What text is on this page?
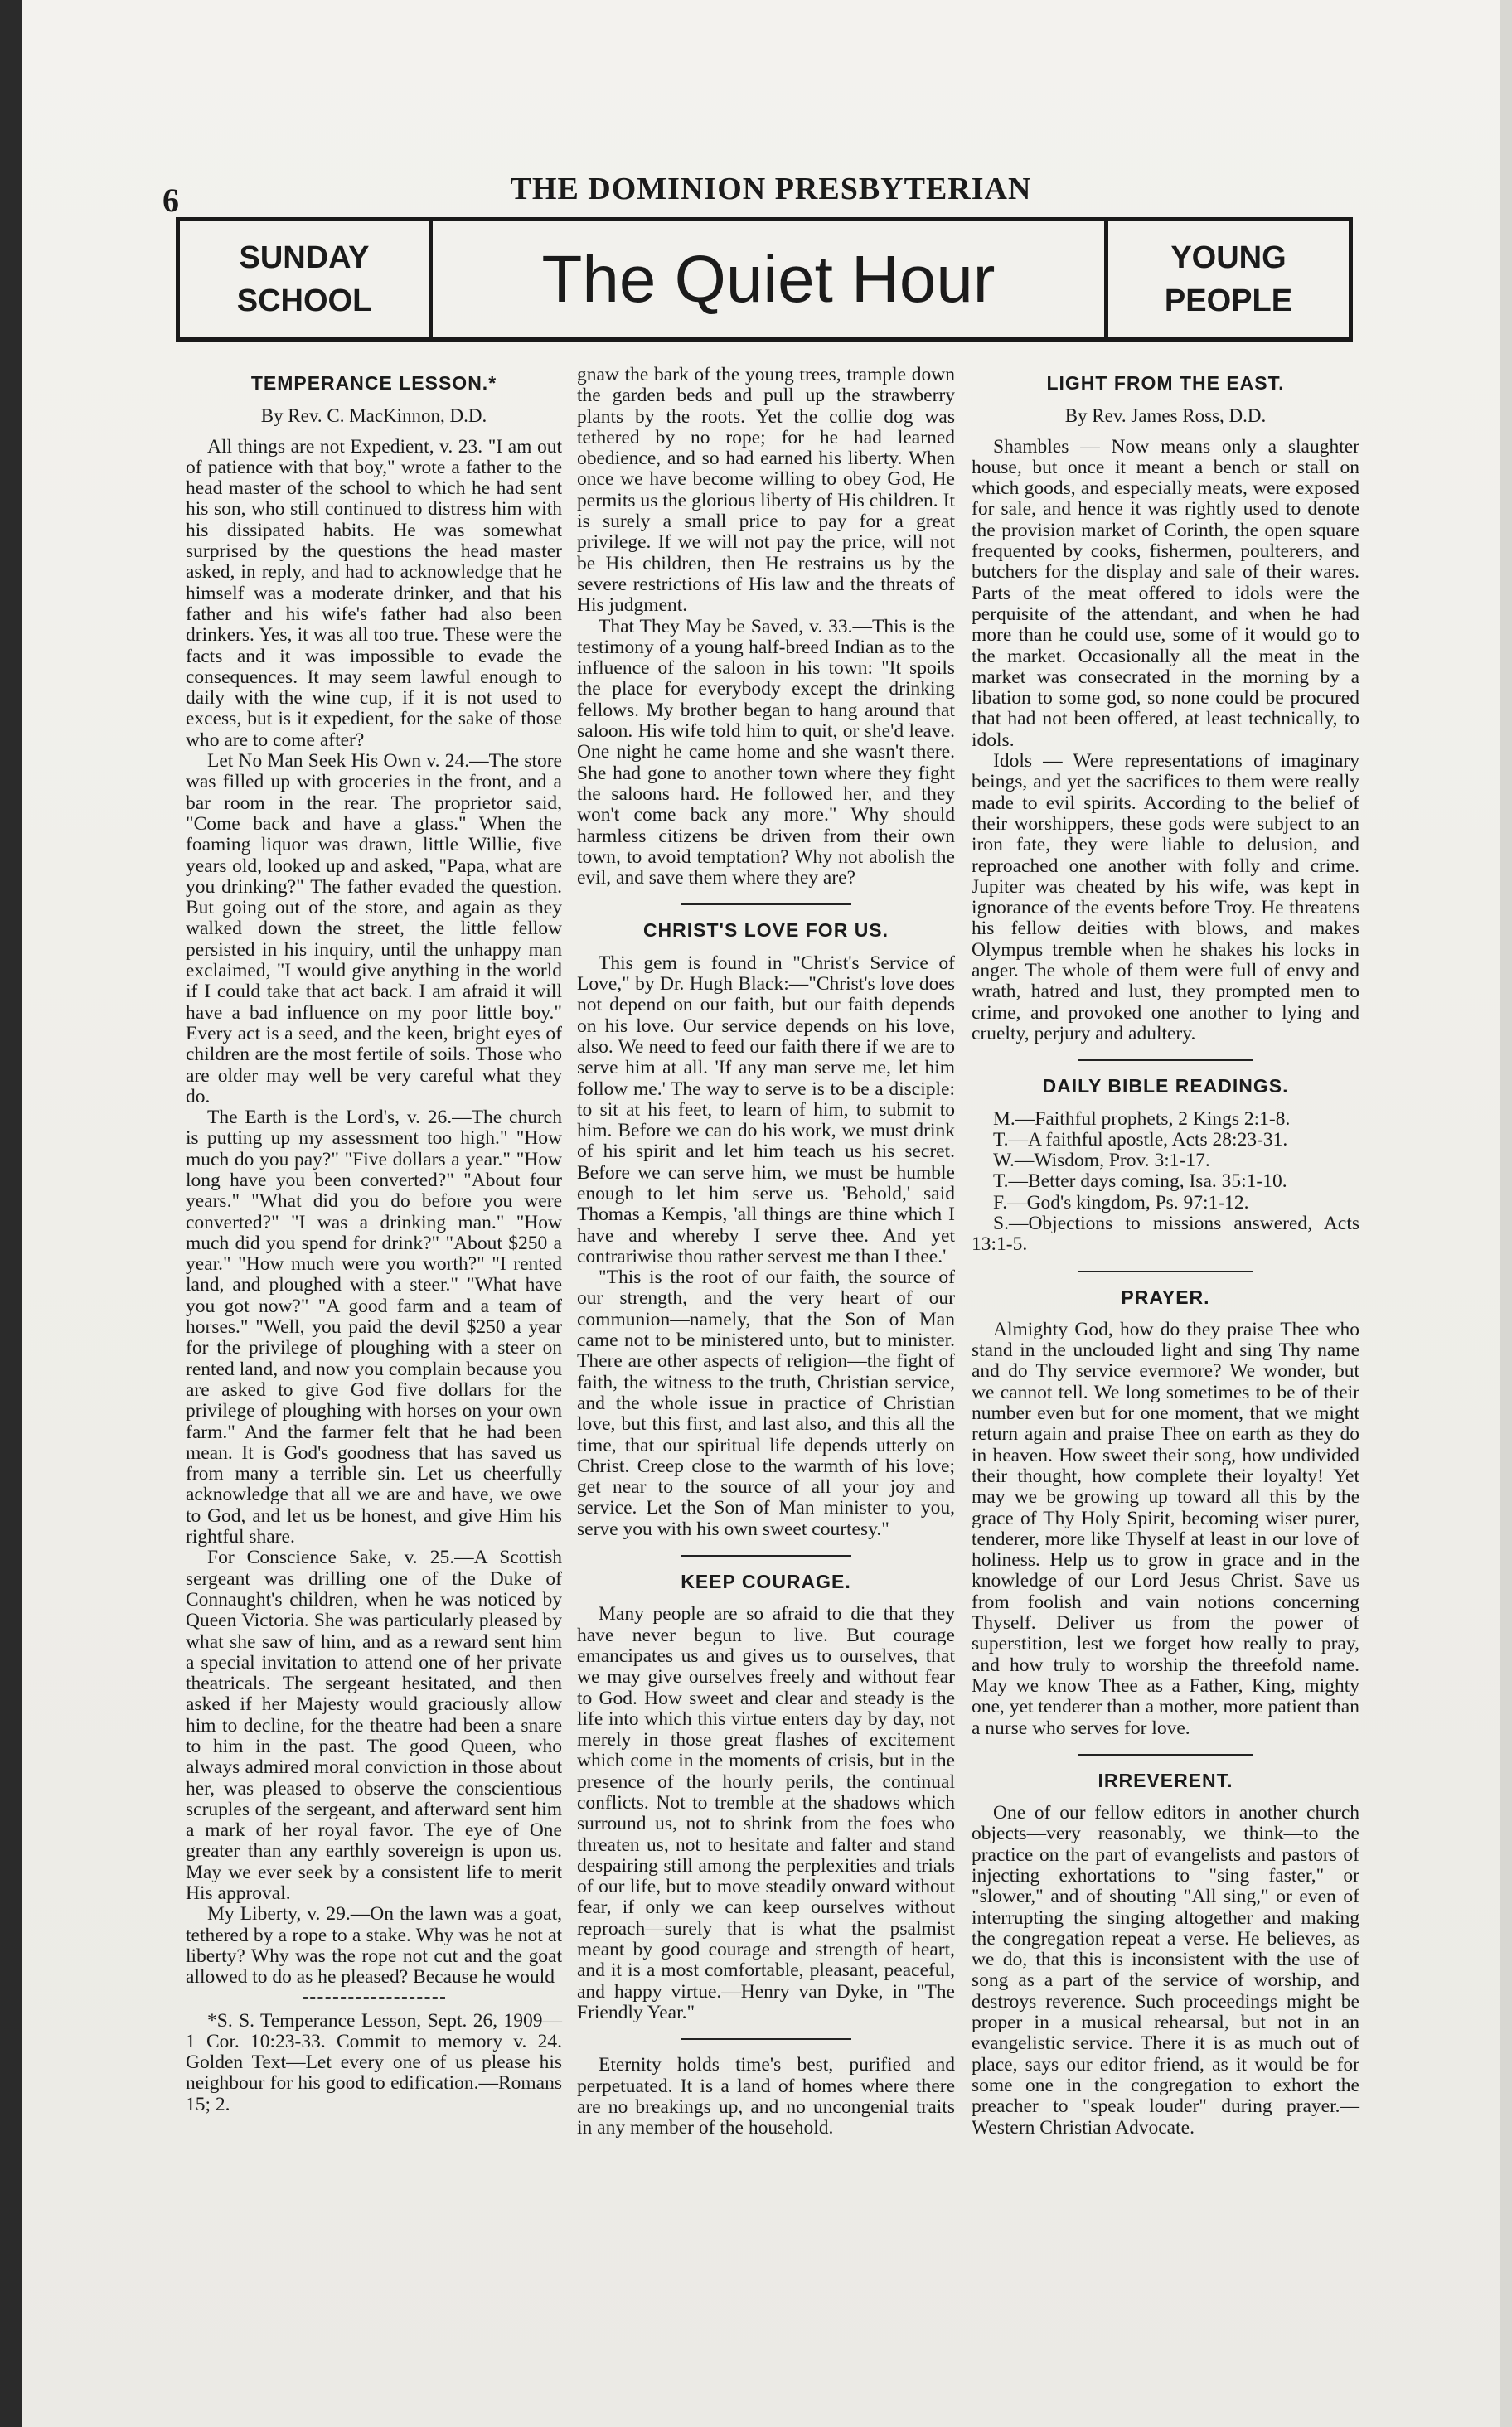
6	THE DOMINION PRESBYTERIAN
SUNDAY
SCHOOL	The Quiet Hour	YOUNG
PEOPLE
TEMPERANCE LESSON.*
By Rev. C. MacKinnon, D.D.

All things are not Expedient, v. 23. "I am out of patience with that boy," wrote a father to the head master of the school to which he had sent his son, who still continued to distress him with his dissipated habits. He was somewhat surprised by the questions the head master asked, in reply, and had to acknowledge that he himself was a moderate drinker, and that his father and his wife's father had also been drinkers. Yes, it was all too true. These were the facts and it was impossible to evade the consequences. It may seem lawful enough to daily with the wine cup, if it is not used to excess, but is it expedient, for the sake of those who are to come after?

Let No Man Seek His Own v. 24.—The store was filled up with groceries in the front, and a bar room in the rear. The proprietor said, "Come back and have a glass." When the foaming liquor was drawn, little Willie, five years old, looked up and asked, "Papa, what are you drinking?" The father evaded the question. But going out of the store, and again as they walked down the street, the little fellow persisted in his inquiry, until the unhappy man exclaimed, "I would give anything in the world if I could take that act back. I am afraid it will have a bad influence on my poor little boy." Every act is a seed, and the keen, bright eyes of children are the most fertile of soils. Those who are older may well be very careful what they do.

The Earth is the Lord's, v. 26.—The church is putting up my assessment too high." "How much do you pay?" "Five dollars a year." "How long have you been converted?" "About four years." "What did you do before you were converted?" "I was a drinking man." "How much did you spend for drink?" "About $250 a year." "How much were you worth?" "I rented land, and ploughed with a steer." "What have you got now?" "A good farm and a team of horses." "Well, you paid the devil $250 a year for the privilege of ploughing with a steer on rented land, and now you complain because you are asked to give God five dollars for the privilege of ploughing with horses on your own farm." And the farmer felt that he had been mean. It is God's goodness that has saved us from many a terrible sin. Let us cheerfully acknowledge that all we are and have, we owe to God, and let us be honest, and give Him his rightful share.

For Conscience Sake, v. 25.—A Scottish sergeant was drilling one of the Duke of Connaught's children, when he was noticed by Queen Victoria. She was particularly pleased by what she saw of him, and as a reward sent him a special invitation to attend one of her private theatricals. The sergeant hesitated, and then asked if her Majesty would graciously allow him to decline, for the theatre had been a snare to him in the past. The good Queen, who always admired moral conviction in those about her, was pleased to observe the conscientious scruples of the sergeant, and afterward sent him a mark of her royal favor. The eye of One greater than any earthly sovereign is upon us. May we ever seek by a consistent life to merit His approval.

My Liberty, v. 29.—On the lawn was a goat, tethered by a rope to a stake. Why was he not at liberty? Why was the rope not cut and the goat allowed to do as he pleased? Because he would

*S. S. Temperance Lesson, Sept. 26, 1909—1 Cor. 10:23-33. Commit to memory v. 24. Golden Text—Let every one of us please his neighbour for his good to edification.—Romans 15; 2.

gnaw the bark of the young trees, trample down the garden beds and pull up the strawberry plants by the roots. Yet the collie dog was tethered by no rope; for he had learned obedience, and so had earned his liberty. When once we have become willing to obey God, He permits us the glorious liberty of His children. It is surely a small price to pay for a great privilege. If we will not pay the price, will not be His children, then He restrains us by the severe restrictions of His law and the threats of His judgment.

That They May be Saved, v. 33.—This is the testimony of a young half-breed Indian as to the influence of the saloon in his town: "It spoils the place for everybody except the drinking fellows. My brother began to hang around that saloon. His wife told him to quit, or she'd leave. One night he came home and she wasn't there. She had gone to another town where they fight the saloons hard. He followed her, and they won't come back any more." Why should harmless citizens be driven from their own town, to avoid temptation? Why not abolish the evil, and save them where they are?

CHRIST'S LOVE FOR US.

This gem is found in "Christ's Service of Love," by Dr. Hugh Black:—"Christ's love does not depend on our faith, but our faith depends on his love. Our service depends on his love, also. We need to feed our faith there if we are to serve him at all. 'If any man serve me, let him follow me.' The way to serve is to be a disciple: to sit at his feet, to learn of him, to submit to him. Before we can do his work, we must drink of his spirit and let him teach us his secret. Before we can serve him, we must be humble enough to let him serve us. 'Behold,' said Thomas a Kempis, 'all things are thine which I have and whereby I serve thee. And yet contrariwise thou rather servest me than I thee.'

"This is the root of our faith, the source of our strength, and the very heart of our communion—namely, that the Son of Man came not to be ministered unto, but to minister. There are other aspects of religion—the fight of faith, the witness to the truth, Christian service, and the whole issue in practice of Christian love, but this first, and last also, and this all the time, that our spiritual life depends utterly on Christ. Creep close to the warmth of his love; get near to the source of all your joy and service. Let the Son of Man minister to you, serve you with his own sweet courtesy."

KEEP COURAGE.

Many people are so afraid to die that they have never begun to live. But courage emancipates us and gives us to ourselves, that we may give ourselves freely and without fear to God. How sweet and clear and steady is the life into which this virtue enters day by day, not merely in those great flashes of excitement which come in the moments of crisis, but in the presence of the hourly perils, the continual conflicts. Not to tremble at the shadows which surround us, not to shrink from the foes who threaten us, not to hesitate and falter and stand despairing still among the perplexities and trials of our life, but to move steadily onward without fear, if only we can keep ourselves without reproach—surely that is what the psalmist meant by good courage and strength of heart, and it is a most comfortable, pleasant, peaceful, and happy virtue.—Henry van Dyke, in "The Friendly Year."

Eternity holds time's best, purified and perpetuated. It is a land of homes where there are no breakings up, and no uncongenial traits in any member of the household.

LIGHT FROM THE EAST.
By Rev. James Ross, D.D.

Shambles — Now means only a slaughter house, but once it meant a bench or stall on which goods, and especially meats, were exposed for sale, and hence it was rightly used to denote the provision market of Corinth, the open square frequented by cooks, fishermen, poulterers, and butchers for the display and sale of their wares. Parts of the meat offered to idols were the perquisite of the attendant, and when he had more than he could use, some of it would go to the market. Occasionally all the meat in the market was consecrated in the morning by a libation to some god, so none could be procured that had not been offered, at least technically, to idols.

Idols — Were representations of imaginary beings, and yet the sacrifices to them were really made to evil spirits. According to the belief of their worshippers, these gods were subject to an iron fate, they were liable to delusion, and reproached one another with folly and crime. Jupiter was cheated by his wife, was kept in ignorance of the events before Troy. He threatens his fellow deities with blows, and makes Olympus tremble when he shakes his locks in anger. The whole of them were full of envy and wrath, hatred and lust, they prompted men to crime, and provoked one another to lying and cruelty, perjury and adultery.

DAILY BIBLE READINGS.

M.—Faithful prophets, 2 Kings 2:1-8.

T.—A faithful apostle, Acts 28:23-31.

W.—Wisdom, Prov. 3:1-17.

T.—Better days coming, Isa. 35:1-10.

F.—God's kingdom, Ps. 97:1-12.

S.—Objections to missions answered, Acts 13:1-5.

PRAYER.

Almighty God, how do they praise Thee who stand in the unclouded light and sing Thy name and do Thy service evermore? We wonder, but we cannot tell. We long sometimes to be of their number even but for one moment, that we might return again and praise Thee on earth as they do in heaven. How sweet their song, how undivided their thought, how complete their loyalty! Yet may we be growing up toward all this by the grace of Thy Holy Spirit, becoming wiser purer, tenderer, more like Thyself at least in our love of holiness. Help us to grow in grace and in the knowledge of our Lord Jesus Christ. Save us from foolish and vain notions concerning Thyself. Deliver us from the power of superstition, lest we forget how really to pray, and how truly to worship the threefold name. May we know Thee as a Father, King, mighty one, yet tenderer than a mother, more patient than a nurse who serves for love.

IRREVERENT.

One of our fellow editors in another church objects—very reasonably, we think—to the practice on the part of evangelists and pastors of injecting exhortations to "sing faster," or "slower," and of shouting "All sing," or even of interrupting the singing altogether and making the congregation repeat a verse. He believes, as we do, that this is inconsistent with the use of song as a part of the service of worship, and destroys reverence. Such proceedings might be proper in a musical rehearsal, but not in an evangelistic service. There it is as much out of place, says our editor friend, as it would be for some one in the congregation to exhort the preacher to "speak louder" during prayer.—Western Christian Advocate.
